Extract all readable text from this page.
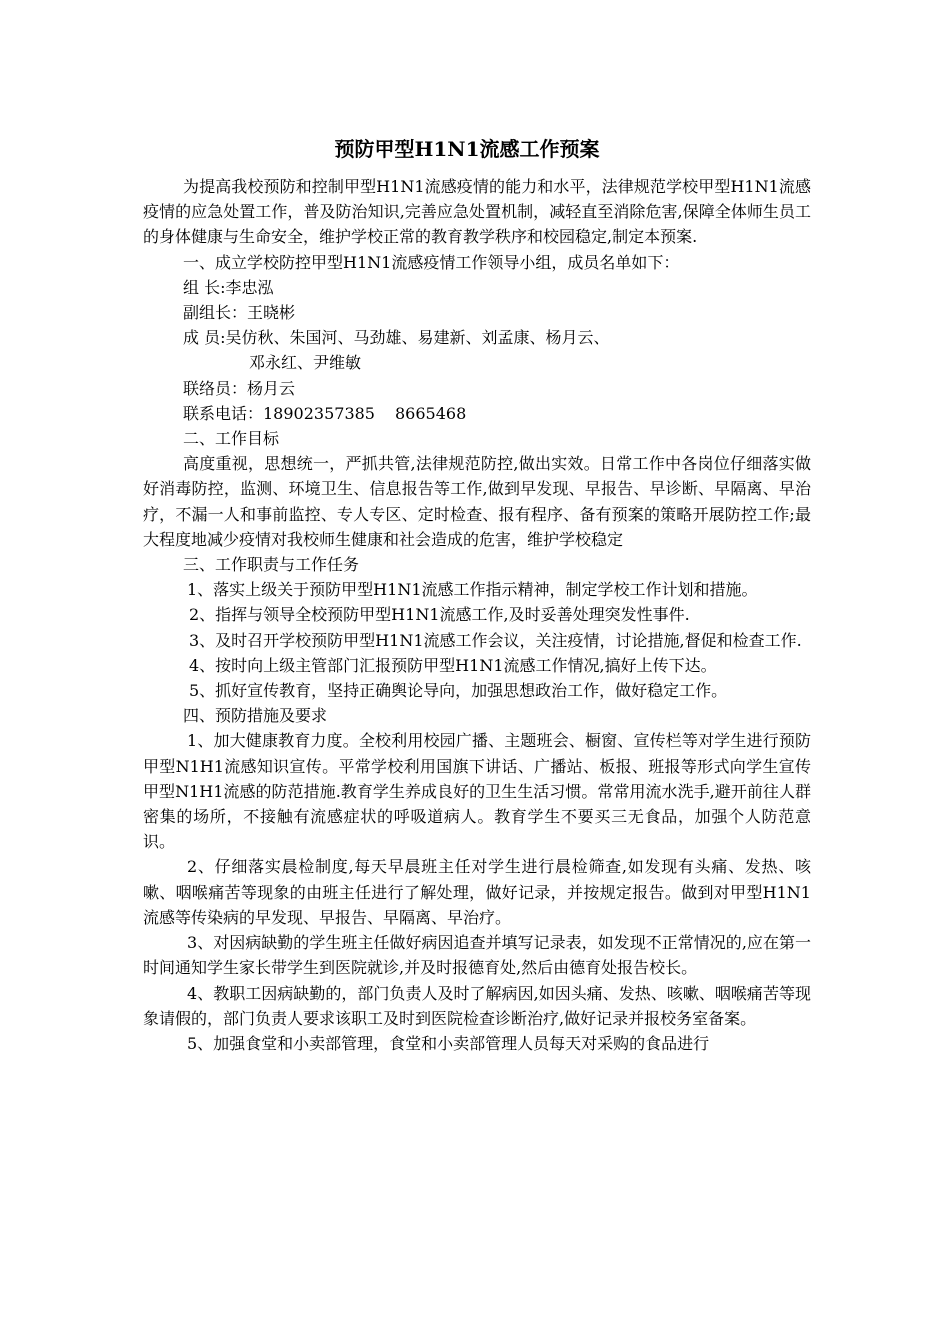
预防甲型H1N1流感工作预案

为提高我校预防和控制甲型H1N1流感疫情的能力和水平，法律规范学校甲型H1N1流感疫情的应急处置工作，普及防治知识,完善应急处置机制，减轻直至消除危害,保障全体师生员工的身体健康与生命安全，维护学校正常的教育教学秩序和校园稳定,制定本预案.

一、成立学校防控甲型H1N1流感疫情工作领导小组，成员名单如下：

组 长:李忠泓

副组长：王晓彬

成 员:吴仿秋、朱国河、马劲雄、易建新、刘孟康、杨月云、

邓永红、尹维敏

联络员：杨月云

联系电话：18902357385 8665468

二、工作目标

高度重视，思想统一，严抓共管,法律规范防控,做出实效。日常工作中各岗位仔细落实做好消毒防控，监测、环境卫生、信息报告等工作,做到早发现、早报告、早诊断、早隔离、早治疗，不漏一人和事前监控、专人专区、定时检查、报有程序、备有预案的策略开展防控工作;最大程度地减少疫情对我校师生健康和社会造成的危害，维护学校稳定

三、工作职责与工作任务

1、落实上级关于预防甲型H1N1流感工作指示精神，制定学校工作计划和措施。

2、指挥与领导全校预防甲型H1N1流感工作,及时妥善处理突发性事件.

3、及时召开学校预防甲型H1N1流感工作会议，关注疫情，讨论措施,督促和检查工作.

4、按时向上级主管部门汇报预防甲型H1N1流感工作情况,搞好上传下达。

5、抓好宣传教育，坚持正确舆论导向，加强思想政治工作，做好稳定工作。

四、预防措施及要求

1、加大健康教育力度。全校利用校园广播、主题班会、橱窗、宣传栏等对学生进行预防甲型N1H1流感知识宣传。平常学校利用国旗下讲话、广播站、板报、班报等形式向学生宣传甲型N1H1流感的防范措施.教育学生养成良好的卫生生活习惯。常常用流水洗手,避开前往人群密集的场所，不接触有流感症状的呼吸道病人。教育学生不要买三无食品，加强个人防范意识。

2、仔细落实晨检制度,每天早晨班主任对学生进行晨检筛查,如发现有头痛、发热、咳嗽、咽喉痛苦等现象的由班主任进行了解处理，做好记录，并按规定报告。做到对甲型H1N1流感等传染病的早发现、早报告、早隔离、早治疗。

3、对因病缺勤的学生班主任做好病因追查并填写记录表，如发现不正常情况的,应在第一时间通知学生家长带学生到医院就诊,并及时报德育处,然后由德育处报告校长。

4、教职工因病缺勤的，部门负责人及时了解病因,如因头痛、发热、咳嗽、咽喉痛苦等现象请假的，部门负责人要求该职工及时到医院检查诊断治疗,做好记录并报校务室备案。

5、加强食堂和小卖部管理，食堂和小卖部管理人员每天对采购的食品进行
